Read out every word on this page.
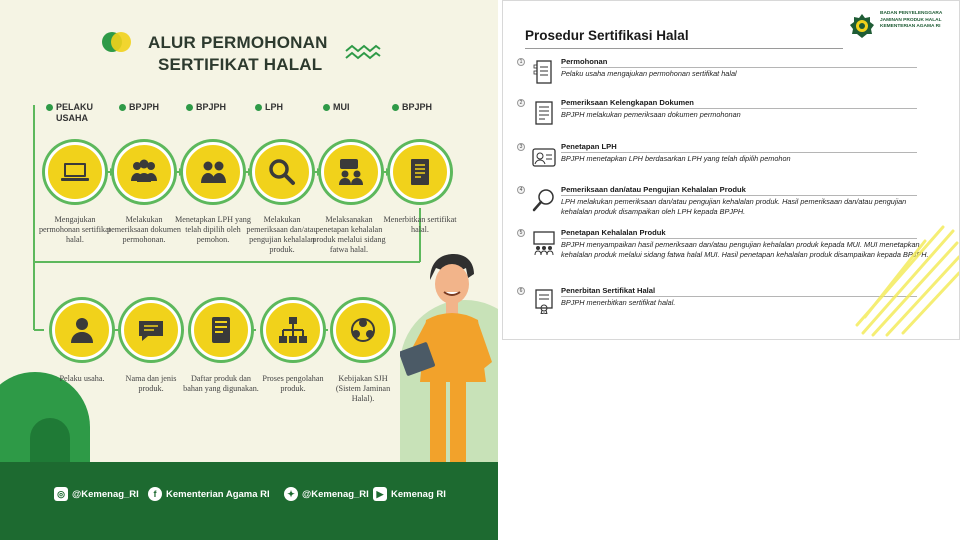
ALUR PERMOHONAN
SERTIFIKAT HALAL
PELAKU USAHA
BPJPH	BPJPH	LPH	MUI	BPJPH
Mengajukan permohonan sertifikat halal.
Melakukan pemeriksaan dokumen permohonan.
Menetapkan LPH yang telah dipilih oleh pemohon.
Melakukan pemeriksaan dan/atau pengujian kehalalan produk.
Melaksanakan penetapan kehalalan produk melalui sidang fatwa halal.
Menerbitkan sertifikat halal.
Pelaku usaha.	Nama dan jenis produk.
Daftar produk dan bahan yang digunakan.
Proses pengolahan produk.
Kebijakan SJH (Sistem Jaminan Halal).
◎ @Kemenag_RI	f	Kementerian Agama RI	✦ @Kemenag_RI ▶ Kemenag RI
Prosedur Sertifikasi Halal
BADAN PENYELENGGARA
JAMINAN PRODUK HALAL
KEMENTERIAN AGAMA RI
1	Permohonan
Pelaku usaha mengajukan permohonan sertifikat halal
2	Pemeriksaan Kelengkapan Dokumen
BPJPH melakukan pemeriksaan dokumen permohonan
3	Penetapan LPH
BPJPH menetapkan LPH berdasarkan LPH yang telah dipilih pemohon
4	Pemeriksaan dan/atau Pengujian Kehalalan Produk
LPH melakukan pemeriksaan dan/atau pengujian kehalalan produk. Hasil pemeriksaan dan/atau pengujian kehalalan produk disampaikan oleh LPH kepada BPJPH.
5	Penetapan Kehalalan Produk
BPJPH menyampaikan hasil pemeriksaan dan/atau pengujian kehalalan produk kepada MUI. MUI menetapkan kehalalan produk melalui sidang fatwa halal MUI. Hasil penetapan kehalalan produk disampaikan kepada BPJPH.
6	Penerbitan Sertifikat Halal
BPJPH menerbitkan sertifikat halal.
